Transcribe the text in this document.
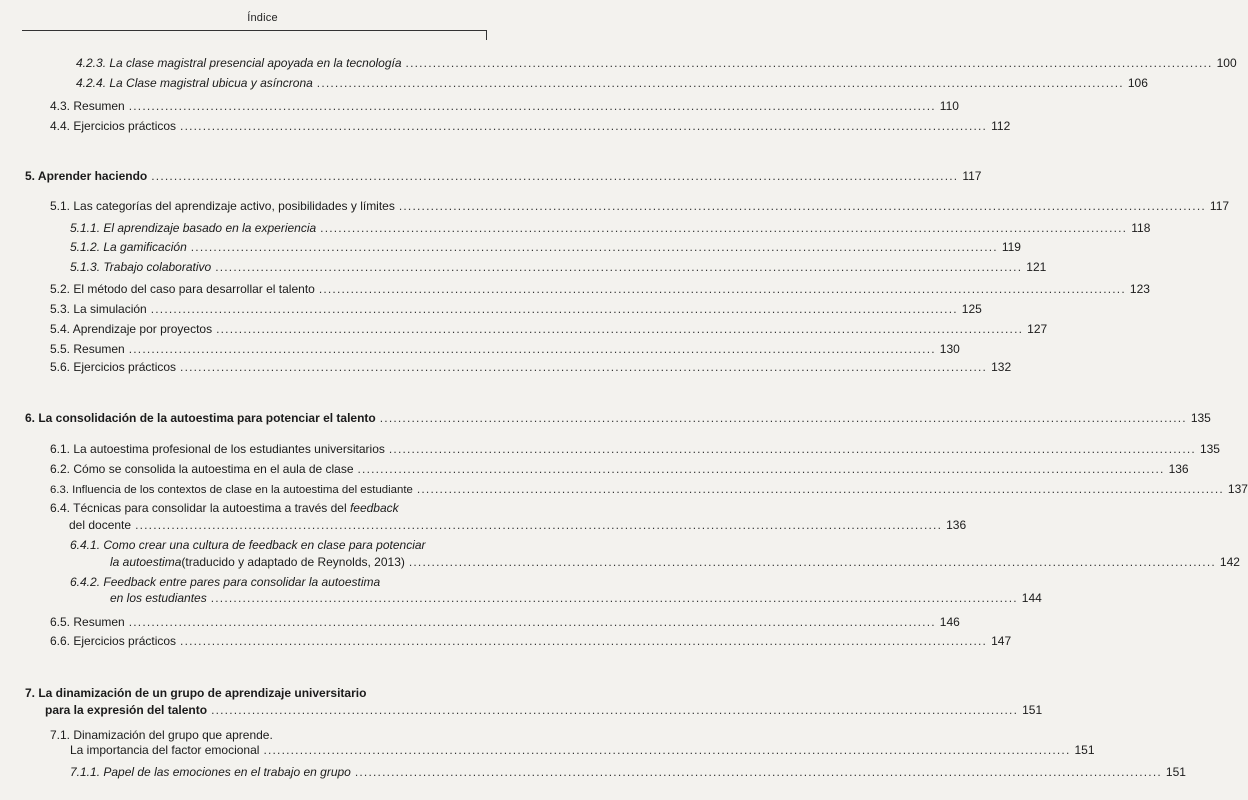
Índice
4.2.3. La clase magistral presencial apoyada en la tecnología .................................................................................................................................................................................. 100
4.2.4. La Clase magistral ubicua y asíncrona .................................................................................................................................................................................. 106
4.3. Resumen .................................................................................................................................................................................. 110
4.4. Ejercicios prácticos .................................................................................................................................................................................. 112
5. Aprender haciendo .................................................................................................................................................................................. 117
5.1. Las categorías del aprendizaje activo, posibilidades y límites .................................................................................................................................................................................. 117
5.1.1. El aprendizaje basado en la experiencia .................................................................................................................................................................................. 118
5.1.2. La gamificación .................................................................................................................................................................................. 119
5.1.3. Trabajo colaborativo .................................................................................................................................................................................. 121
5.2. El método del caso para desarrollar el talento .................................................................................................................................................................................. 123
5.3. La simulación .................................................................................................................................................................................. 125
5.4. Aprendizaje por proyectos .................................................................................................................................................................................. 127
5.5. Resumen .................................................................................................................................................................................. 130
5.6. Ejercicios prácticos .................................................................................................................................................................................. 132
6. La consolidación de la autoestima para potenciar el talento .................................................................................................................................................................................. 135
6.1. La autoestima profesional de los estudiantes universitarios .................................................................................................................................................................................. 135
6.2. Cómo se consolida la autoestima en el aula de clase .................................................................................................................................................................................. 136
6.3. Influencia de los contextos de clase en la autoestima del estudiante .................................................................................................................................................................................. 137
6.4. Técnicas para consolidar la autoestima a través del feedback
del docente .................................................................................................................................................................................. 136
6.4.1. Como crear una cultura de feedback en clase para potenciar
la autoestima (traducido y adaptado de Reynolds, 2013) .................................................................................................................................................................................. 142
6.4.2. Feedback entre pares para consolidar la autoestima
en los estudiantes .................................................................................................................................................................................. 144
6.5. Resumen .................................................................................................................................................................................. 146
6.6. Ejercicios prácticos .................................................................................................................................................................................. 147
7. La dinamización de un grupo de aprendizaje universitario
para la expresión del talento .................................................................................................................................................................................. 151
7.1. Dinamización del grupo que aprende.
La importancia del factor emocional .................................................................................................................................................................................. 151
7.1.1. Papel de las emociones en el trabajo en grupo .................................................................................................................................................................................. 151
